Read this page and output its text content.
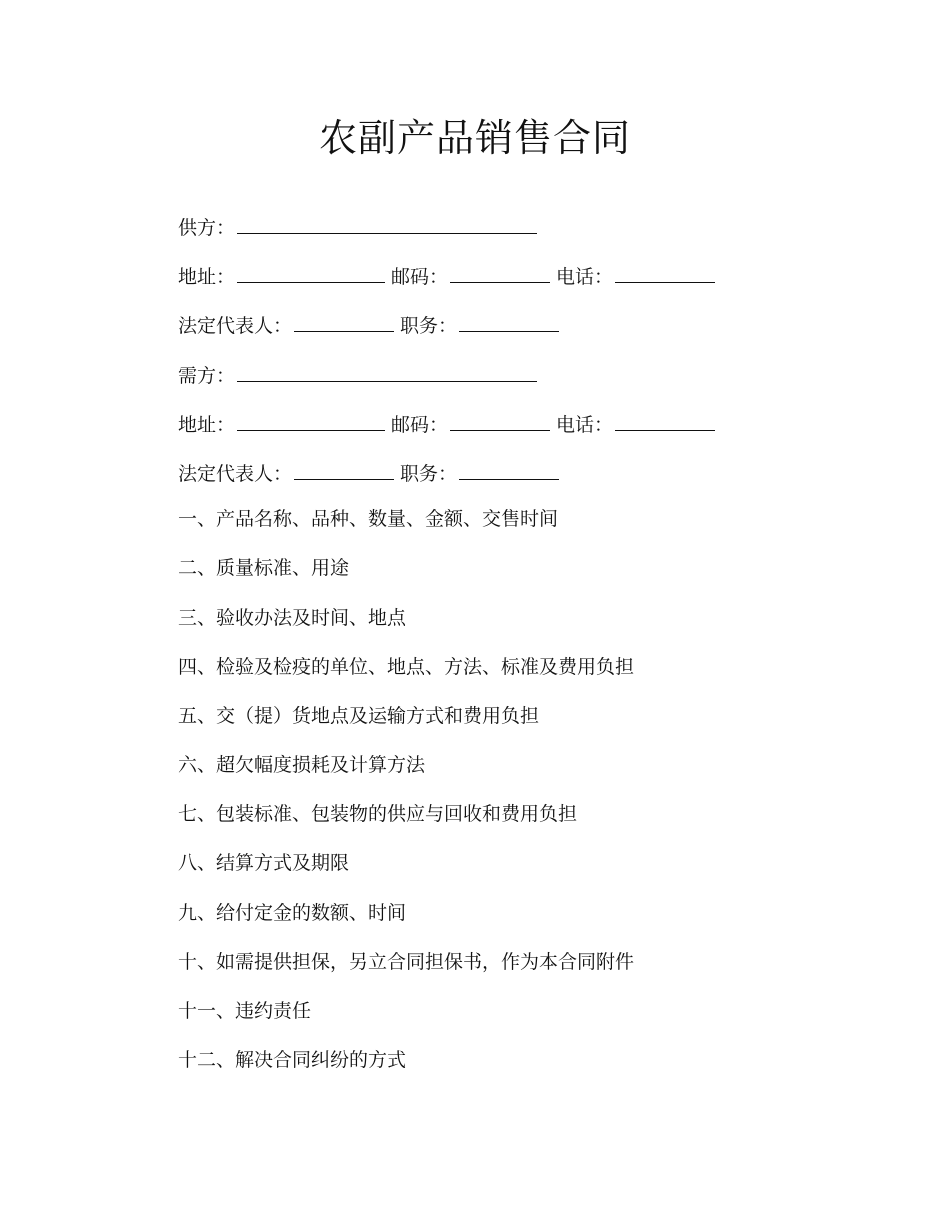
农副产品销售合同
供方：
地址：	邮码：	电话：
法定代表人：	职务：
需方：
地址：	邮码：	电话：
法定代表人：	职务：
一、产品名称、品种、数量、金额、交售时间
二、质量标准、用途
三、验收办法及时间、地点
四、检验及检疫的单位、地点、方法、标准及费用负担
五、交（提）货地点及运输方式和费用负担
六、超欠幅度损耗及计算方法
七、包装标准、包装物的供应与回收和费用负担
八、结算方式及期限
九、给付定金的数额、时间
十、如需提供担保，另立合同担保书，作为本合同附件
十一、违约责任
十二、解决合同纠纷的方式
